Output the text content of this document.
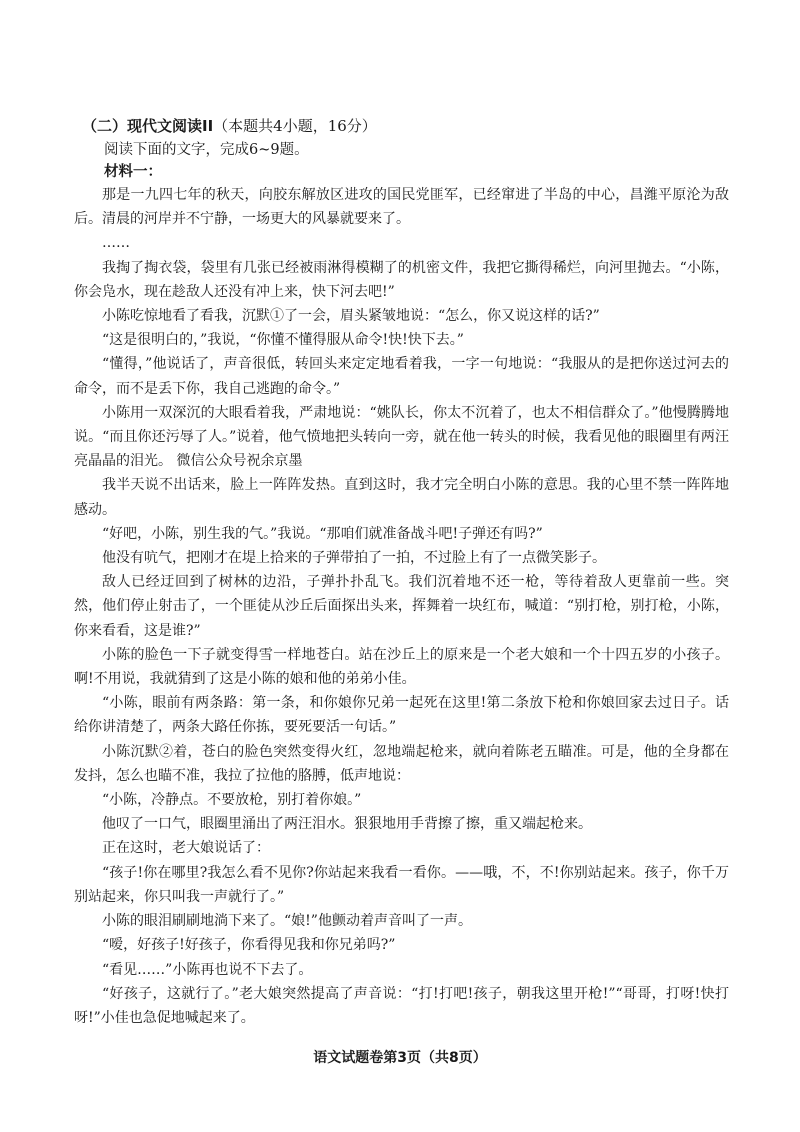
（二）现代文阅读II（本题共4小题，16分）
阅读下面的文字，完成6~9题。
材料一：

那是一九四七年的秋天，向胶东解放区进攻的国民党匪军，已经窜进了半岛的中心，昌潍平原沦为敌后。清晨的河岸并不宁静，一场更大的风暴就要来了。

……

我掏了掏衣袋，袋里有几张已经被雨淋得模糊了的机密文件，我把它撕得稀烂，向河里抛去。“小陈，你会凫水，现在趁敌人还没有冲上来，快下河去吧!”

小陈吃惊地看了看我，沉默①了一会，眉头紧皱地说：“怎么，你又说这样的话?”

“这是很明白的，”我说，“你懂不懂得服从命令!快!快下去。”

“懂得，”他说话了，声音很低，转回头来定定地看着我，一字一句地说：“我服从的是把你送过河去的命令，而不是丢下你，我自己逃跑的命令。”

小陈用一双深沉的大眼看着我，严肃地说：“姚队长，你太不沉着了，也太不相信群众了。”他慢腾腾地说。“而且你还污辱了人。”说着，他气愤地把头转向一旁，就在他一转头的时候，我看见他的眼圈里有两汪亮晶晶的泪光。 微信公众号祝余京墨

我半天说不出话来，脸上一阵阵发热。直到这时，我才完全明白小陈的意思。我的心里不禁一阵阵地感动。

“好吧，小陈，别生我的气。”我说。“那咱们就准备战斗吧!子弹还有吗?”

他没有吭气，把刚才在堤上拾来的子弹带拍了一拍，不过脸上有了一点微笑影子。

敌人已经迂回到了树林的边沿，子弹扑扑乱飞。我们沉着地不还一枪，等待着敌人更靠前一些。突然，他们停止射击了，一个匪徒从沙丘后面探出头来，挥舞着一块红布，喊道：“别打枪，别打枪，小陈，你来看看，这是谁?”

小陈的脸色一下子就变得雪一样地苍白。站在沙丘上的原来是一个老大娘和一个十四五岁的小孩子。啊!不用说，我就猜到了这是小陈的娘和他的弟弟小佳。

“小陈，眼前有两条路：第一条，和你娘你兄弟一起死在这里!第二条放下枪和你娘回家去过日子。话给你讲清楚了，两条大路任你拣，要死要活一句话。”

小陈沉默②着，苍白的脸色突然变得火红，忽地端起枪来，就向着陈老五瞄准。可是，他的全身都在发抖，怎么也瞄不准，我拉了拉他的胳膊，低声地说：

“小陈，冷静点。不要放枪，别打着你娘。”

他叹了一口气，眼圈里涌出了两汪泪水。狠狠地用手背擦了擦，重又端起枪来。

正在这时，老大娘说话了：

“孩子!你在哪里?我怎么看不见你?你站起来我看一看你。——哦，不，不!你别站起来。孩子，你千万别站起来，你只叫我一声就行了。”

小陈的眼泪刷刷地淌下来了。“娘!”他颤动着声音叫了一声。

“嗳，好孩子!好孩子，你看得见我和你兄弟吗?”

“看见……”小陈再也说不下去了。

“好孩子，这就行了。”老大娘突然提高了声音说：“打!打吧!孩子，朝我这里开枪!”“哥哥，打呀!快打呀!”小佳也急促地喊起来了。

语文试题卷第3页（共8页）
